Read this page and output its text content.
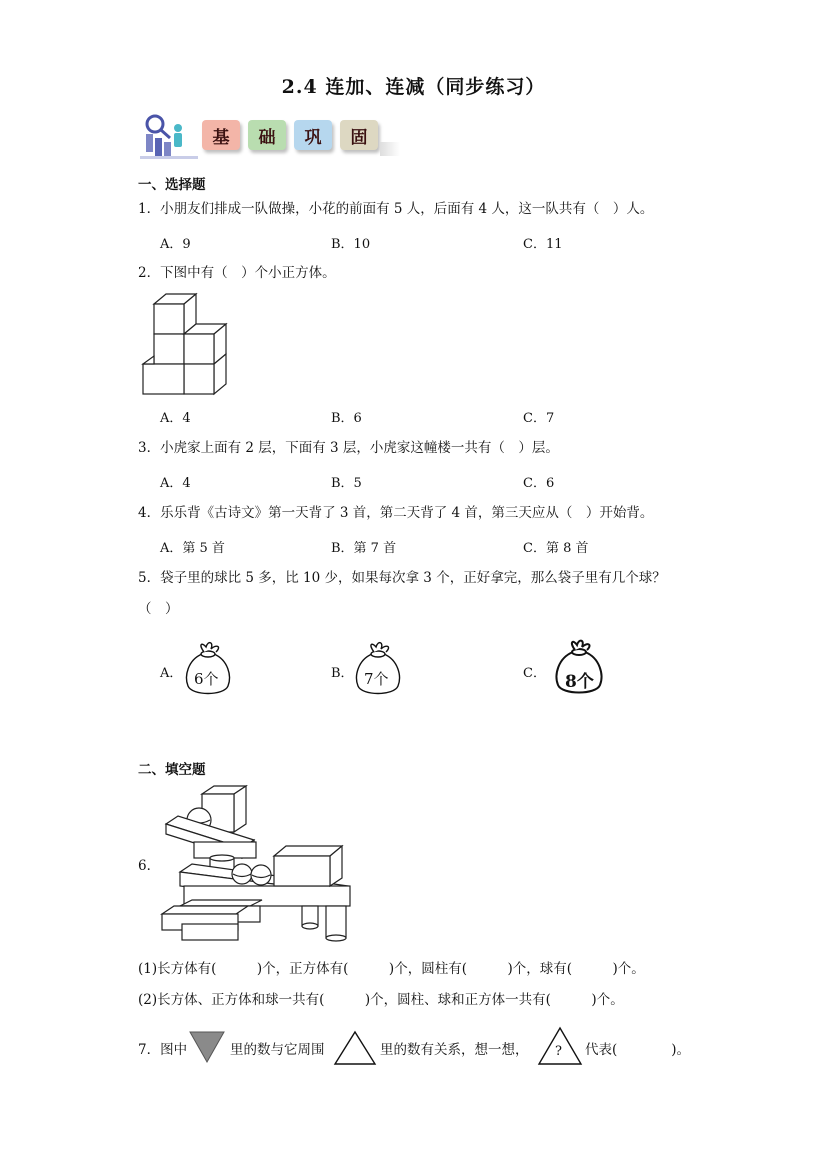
2.4 连加、连减（同步练习）
基	础	巩	固
一、选择题
1．小朋友们排成一队做操，小花的前面有 5 人，后面有 4 人，这一队共有（　）人。
A．9	B．10	C．11
2．下图中有（　）个小正方体。
A．4	B．6	C．7
3．小虎家上面有 2 层，下面有 3 层，小虎家这幢楼一共有（　）层。
A．4	B．5	C．6
4．乐乐背《古诗文》第一天背了 3 首，第二天背了 4 首，第三天应从（　）开始背。
A．第 5 首	B．第 7 首	C．第 8 首
5．袋子里的球比 5 多，比 10 少，如果每次拿 3 个，正好拿完，那么袋子里有几个球？
（　）
A． 6个	B． 7个	C． 8个
二、填空题
6．
(1)长方体有(　　　)个，正方体有(　　　)个，圆柱有(　　　)个，球有(　　　)个。
(2)长方体、正方体和球一共有(　　　)个，圆柱、球和正方体一共有(　　　)个。
7．图中	里的数与它周围	里的数有关系，想一想， ? 代表(　　　　)。
